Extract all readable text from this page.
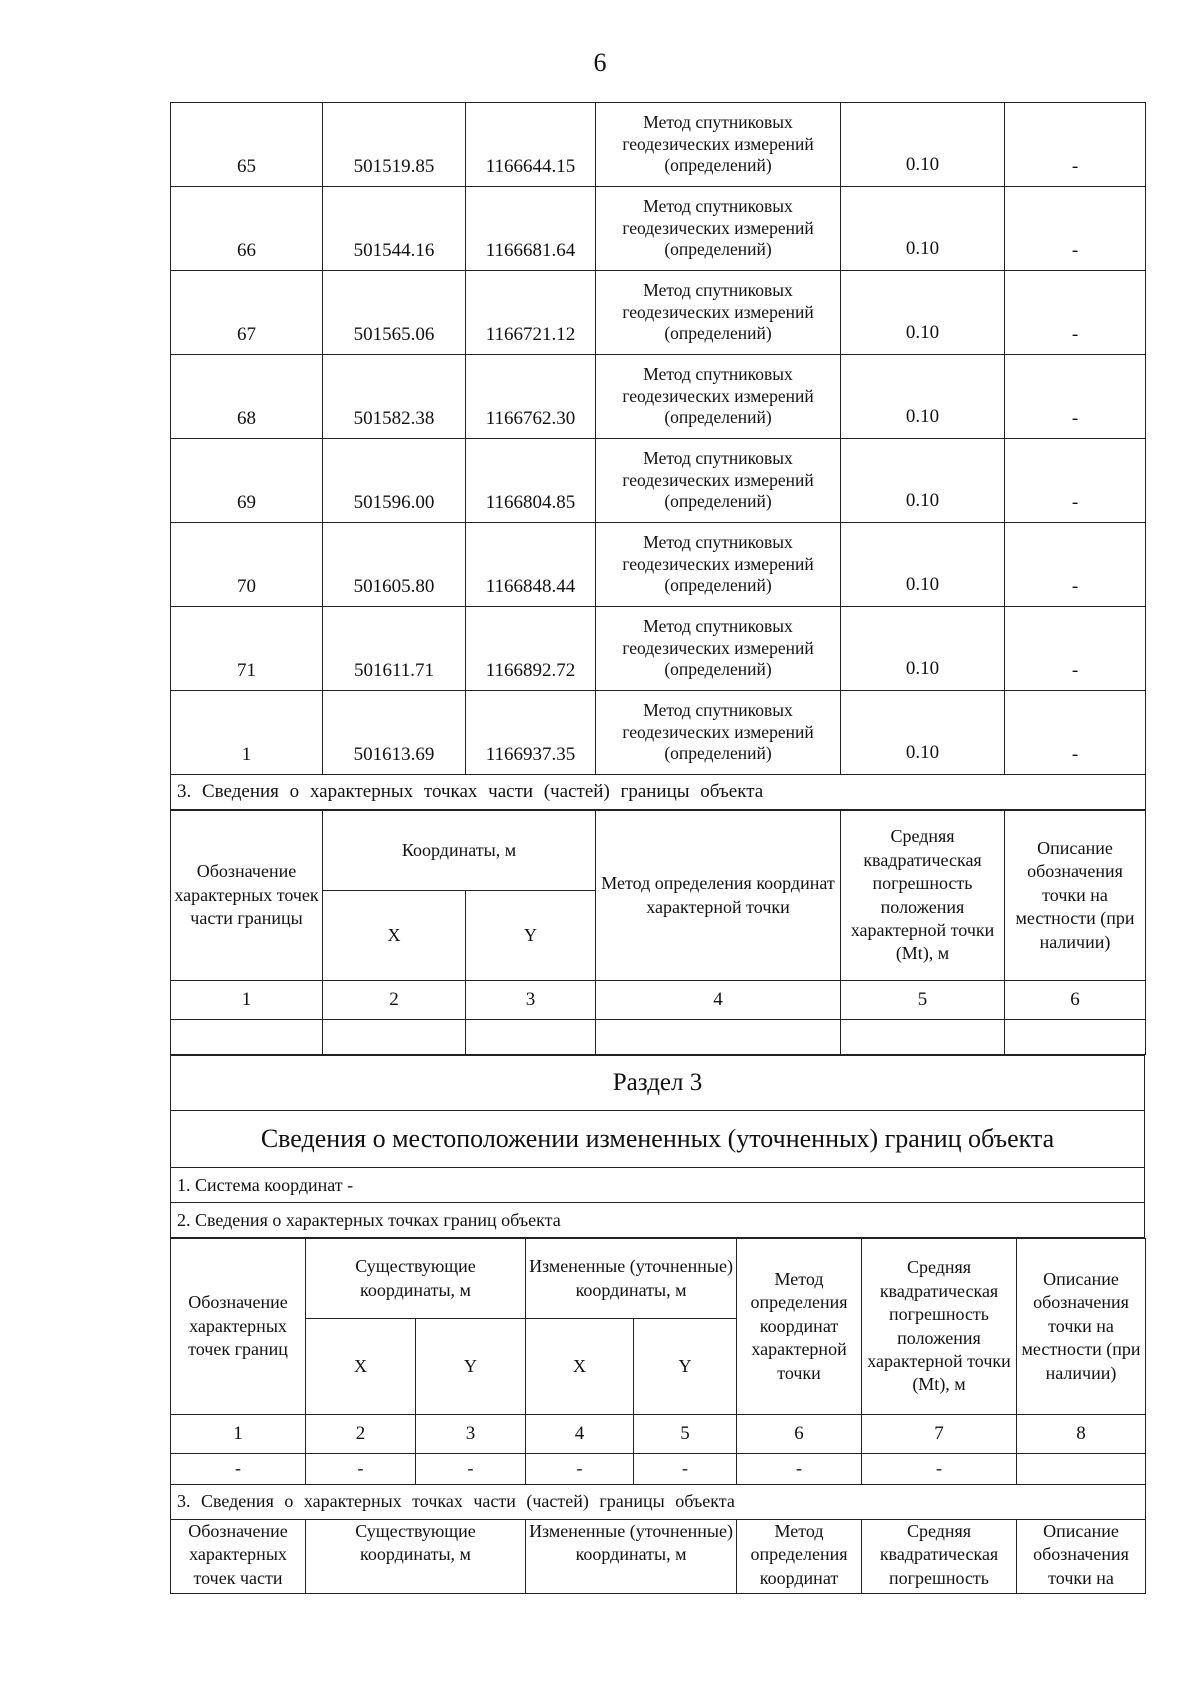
6
65	501519.85	1166644.15	Метод спутниковых геодезических измерений (определений)	0.10	-
66	501544.16	1166681.64	Метод спутниковых геодезических измерений (определений)	0.10	-
67	501565.06	1166721.12	Метод спутниковых геодезических измерений (определений)	0.10	-
68	501582.38	1166762.30	Метод спутниковых геодезических измерений (определений)	0.10	-
69	501596.00	1166804.85	Метод спутниковых геодезических измерений (определений)	0.10	-
70	501605.80	1166848.44	Метод спутниковых геодезических измерений (определений)	0.10	-
71	501611.71	1166892.72	Метод спутниковых геодезических измерений (определений)	0.10	-
1	501613.69	1166937.35	Метод спутниковых геодезических измерений (определений)	0.10	-
3. Сведения о характерных точках части (частей) границы объекта					
Обозначение характерных точек части границы	Координаты, м		Метод определения координат характерной точки	Средняя квадратическая погрешность положения характерной точки (Mt), м	Описание обозначения точки на местности (при наличии)
	X	Y			
1	2	3	4	5	6

Раздел 3
Сведения о местоположении измененных (уточненных) границ объекта
1. Система координат -
2. Сведения о характерных точках границ объекта
Обозначение характерных точек границ	Существующие координаты, м		Измененные (уточненные) координаты, м		Метод определения координат характерной точки	Средняя квадратическая погрешность положения характерной точки (Mt), м	Описание обозначения точки на местности (при наличии)
	X	Y	X	Y			
1	2	3	4	5	6	7	8
-	-	-	-	-	-	-	
3. Сведения о характерных точках части (частей) границы объекта							
Обозначение характерных точек части	Существующие координаты, м		Измененные (уточненные) координаты, м		Метод определения координат	Средняя квадратическая погрешность	Описание обозначения точки на
